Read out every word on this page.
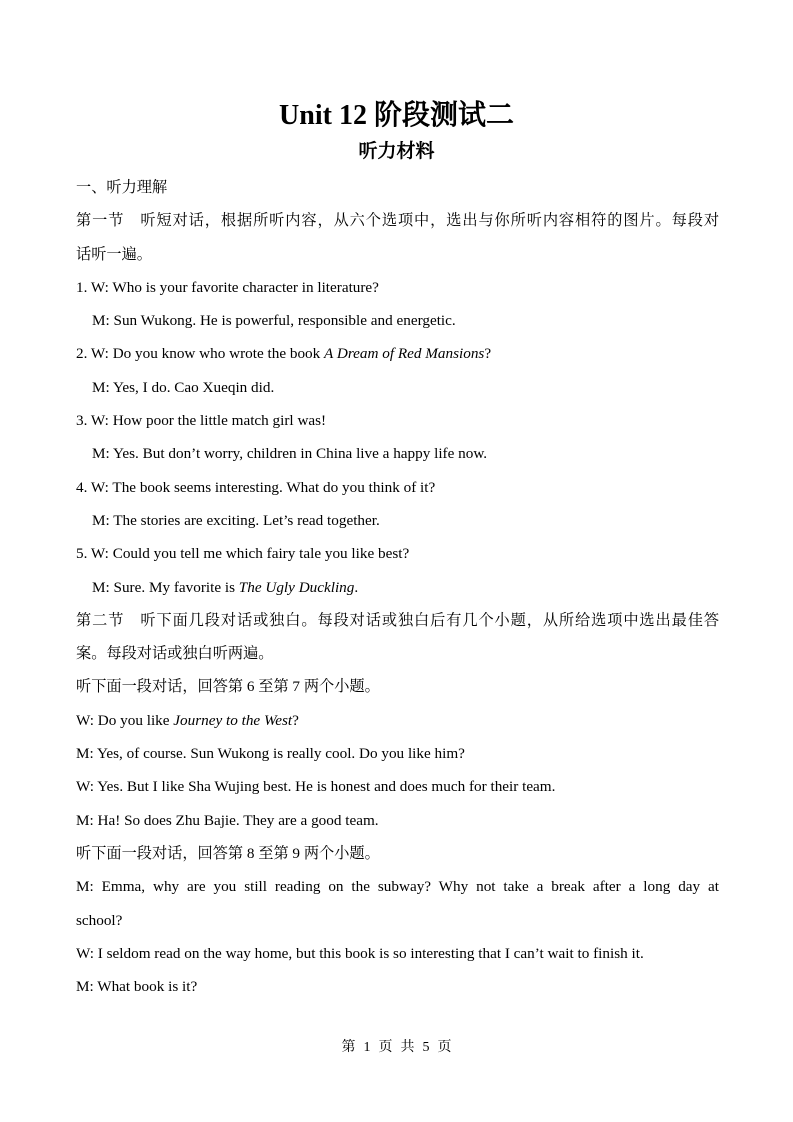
Unit 12 阶段测试二
听力材料
一、听力理解
第一节　听短对话，根据所听内容，从六个选项中，选出与你所听内容相符的图片。每段对
话听一遍。
1. W: Who is your favorite character in literature?
M: Sun Wukong. He is powerful, responsible and energetic.
2. W: Do you know who wrote the book A Dream of Red Mansions?
M: Yes, I do. Cao Xueqin did.
3. W: How poor the little match girl was!
M: Yes. But don’t worry, children in China live a happy life now.
4. W: The book seems interesting. What do you think of it?
M: The stories are exciting. Let’s read together.
5. W: Could you tell me which fairy tale you like best?
M: Sure. My favorite is The Ugly Duckling.
第二节　听下面几段对话或独白。每段对话或独白后有几个小题，从所给选项中选出最佳答
案。每段对话或独白听两遍。
听下面一段对话，回答第 6 至第 7 两个小题。
W: Do you like Journey to the West?
M: Yes, of course. Sun Wukong is really cool. Do you like him?
W: Yes. But I like Sha Wujing best. He is honest and does much for their team.
M: Ha! So does Zhu Bajie. They are a good team.
听下面一段对话，回答第 8 至第 9 两个小题。
M: Emma, why are you still reading on the subway? Why not take a break after a long day at
school?
W: I seldom read on the way home, but this book is so interesting that I can’t wait to finish it.
M: What book is it?
第 1 页 共 5 页
